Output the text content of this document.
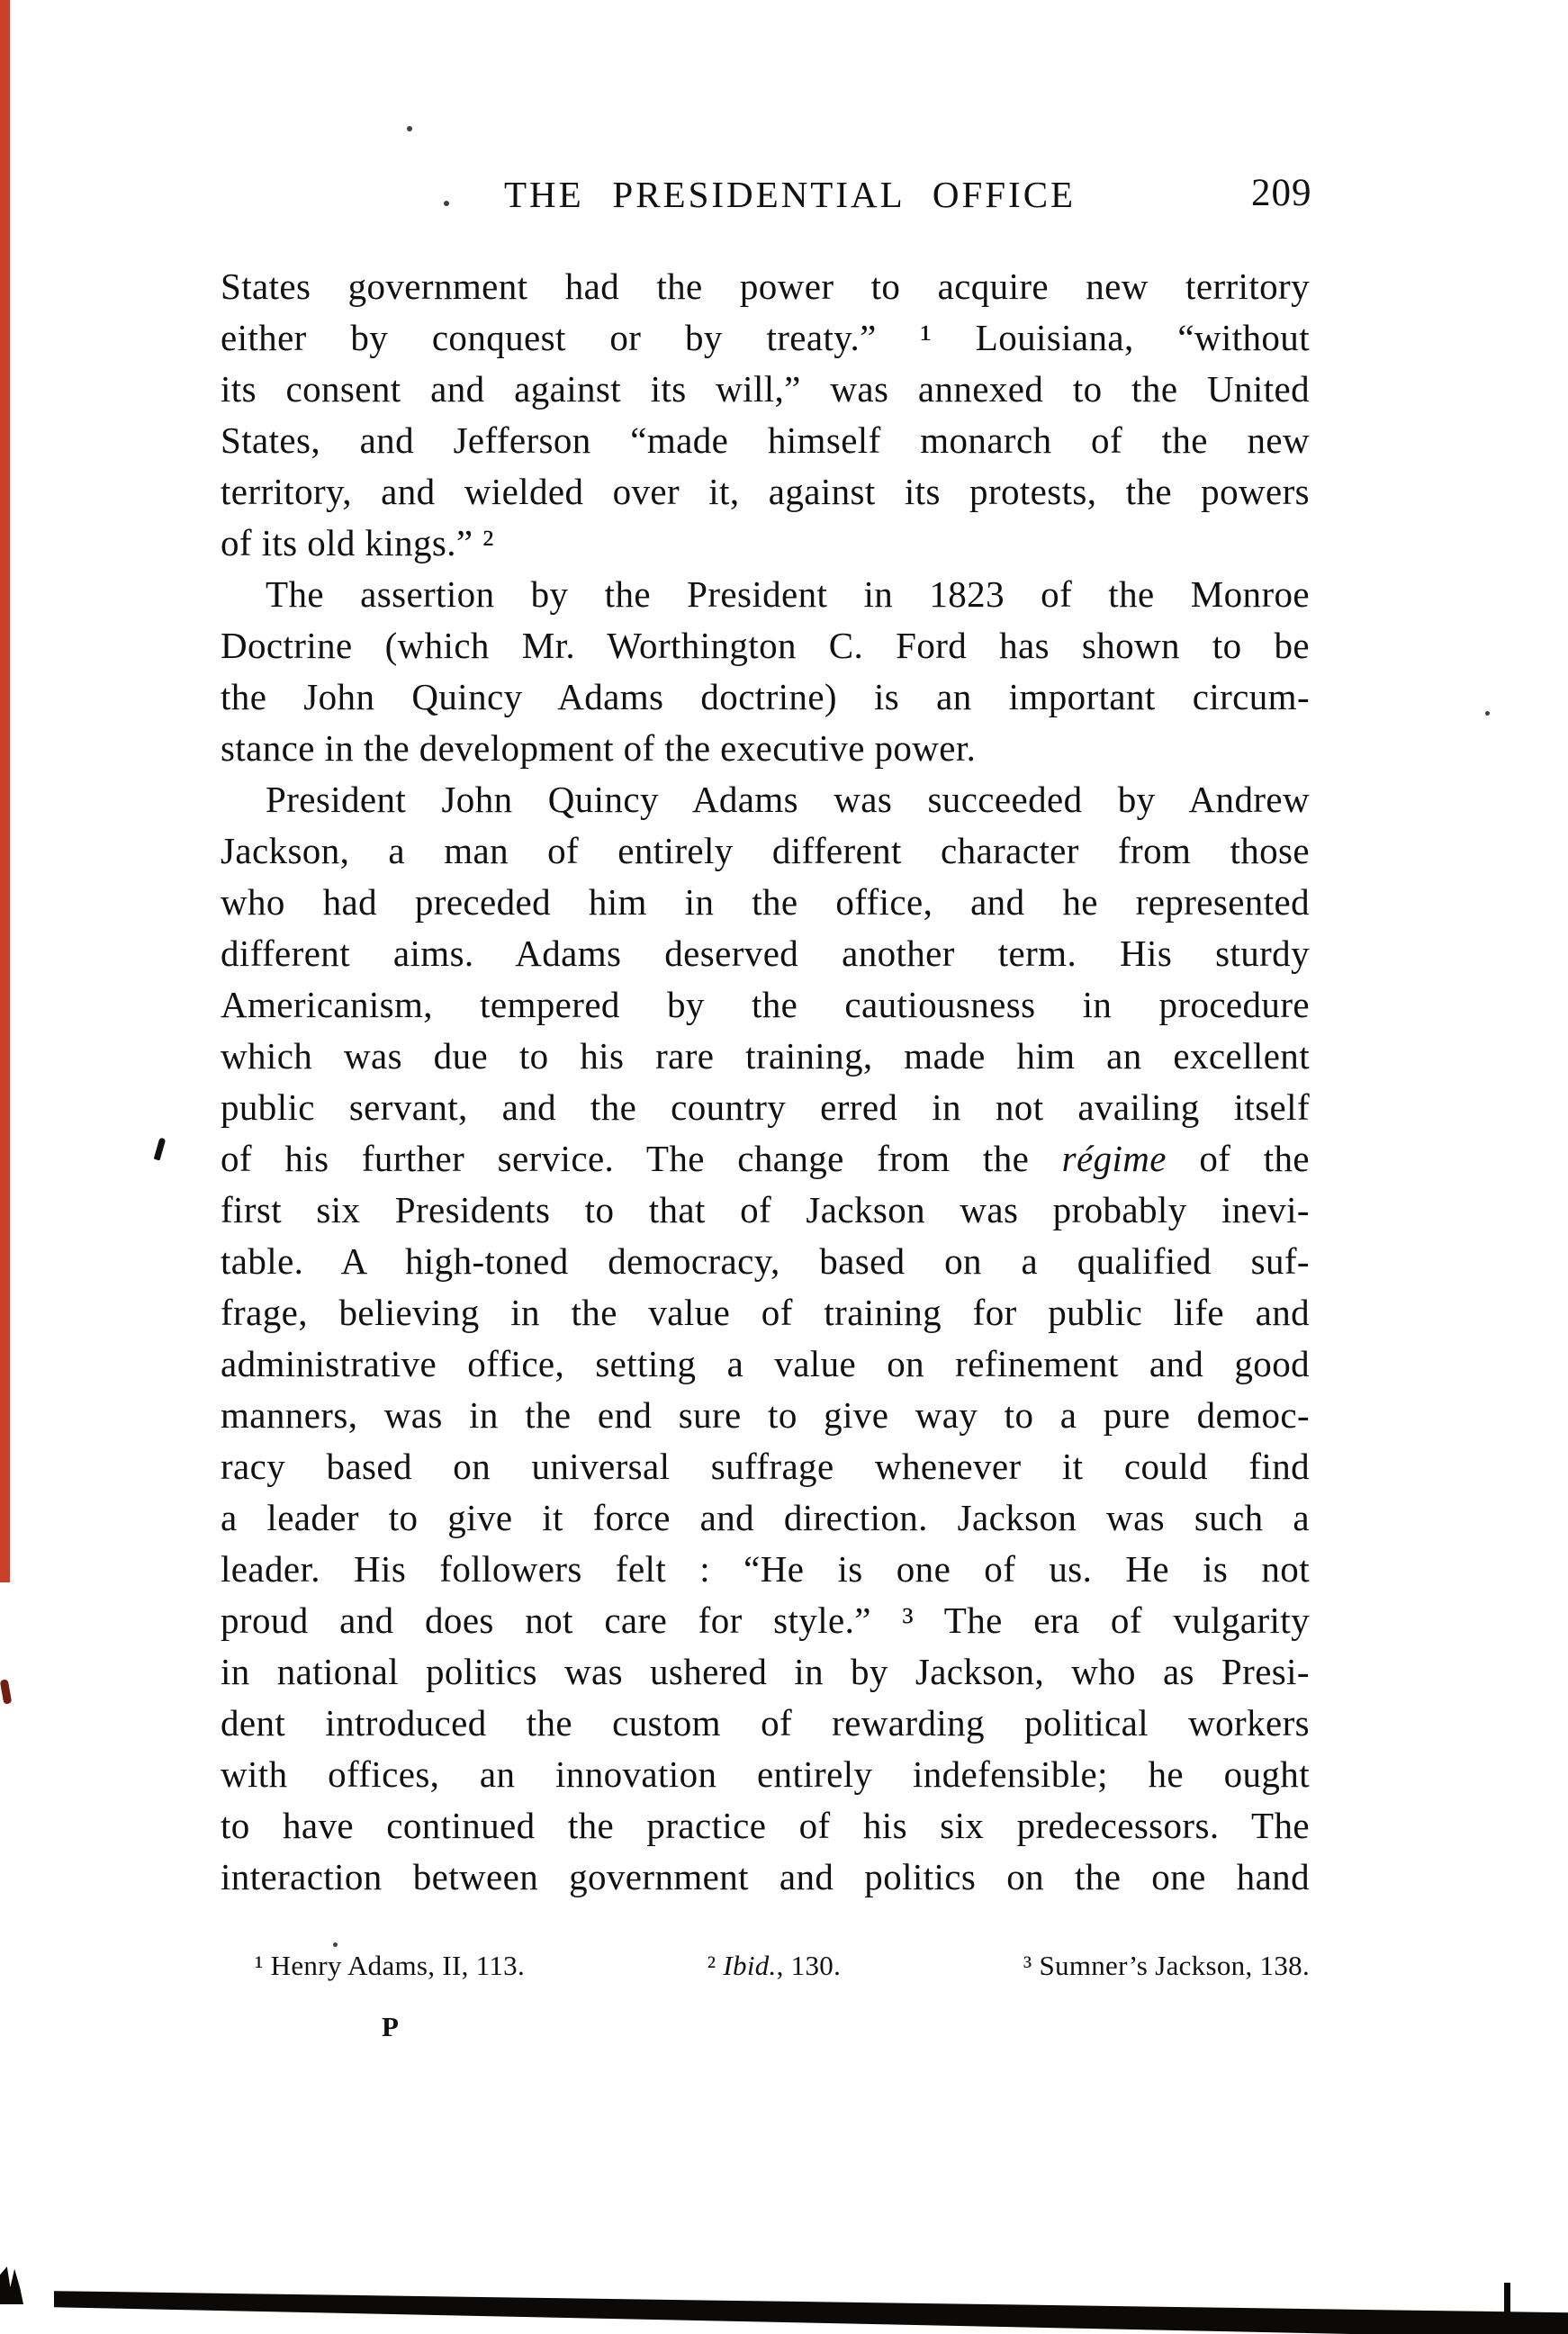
THE PRESIDENTIAL OFFICE	209
States government had the power to acquire new territory
either by conquest or by treaty.” ¹ Louisiana, “without
its consent and against its will,” was annexed to the United
States, and Jefferson “made himself monarch of the new
territory, and wielded over it, against its protests, the powers
of its old kings.” ²
The assertion by the President in 1823 of the Monroe
Doctrine (which Mr. Worthington C. Ford has shown to be
the John Quincy Adams doctrine) is an important circum-
stance in the development of the executive power.
President John Quincy Adams was succeeded by Andrew
Jackson, a man of entirely different character from those
who had preceded him in the office, and he represented
different aims. Adams deserved another term. His sturdy
Americanism, tempered by the cautiousness in procedure
which was due to his rare training, made him an excellent
public servant, and the country erred in not availing itself
of his further service. The change from the régime of the
first six Presidents to that of Jackson was probably inevi-
table. A high-toned democracy, based on a qualified suf-
frage, believing in the value of training for public life and
administrative office, setting a value on refinement and good
manners, was in the end sure to give way to a pure democ-
racy based on universal suffrage whenever it could find
a leader to give it force and direction. Jackson was such a
leader. His followers felt : “He is one of us. He is not
proud and does not care for style.” ³ The era of vulgarity
in national politics was ushered in by Jackson, who as Presi-
dent introduced the custom of rewarding political workers
with offices, an innovation entirely indefensible; he ought
to have continued the practice of his six predecessors. The
interaction between government and politics on the one hand
¹ Henry Adams, II, 113.	² Ibid., 130.	³ Sumner’s Jackson, 138.
P
